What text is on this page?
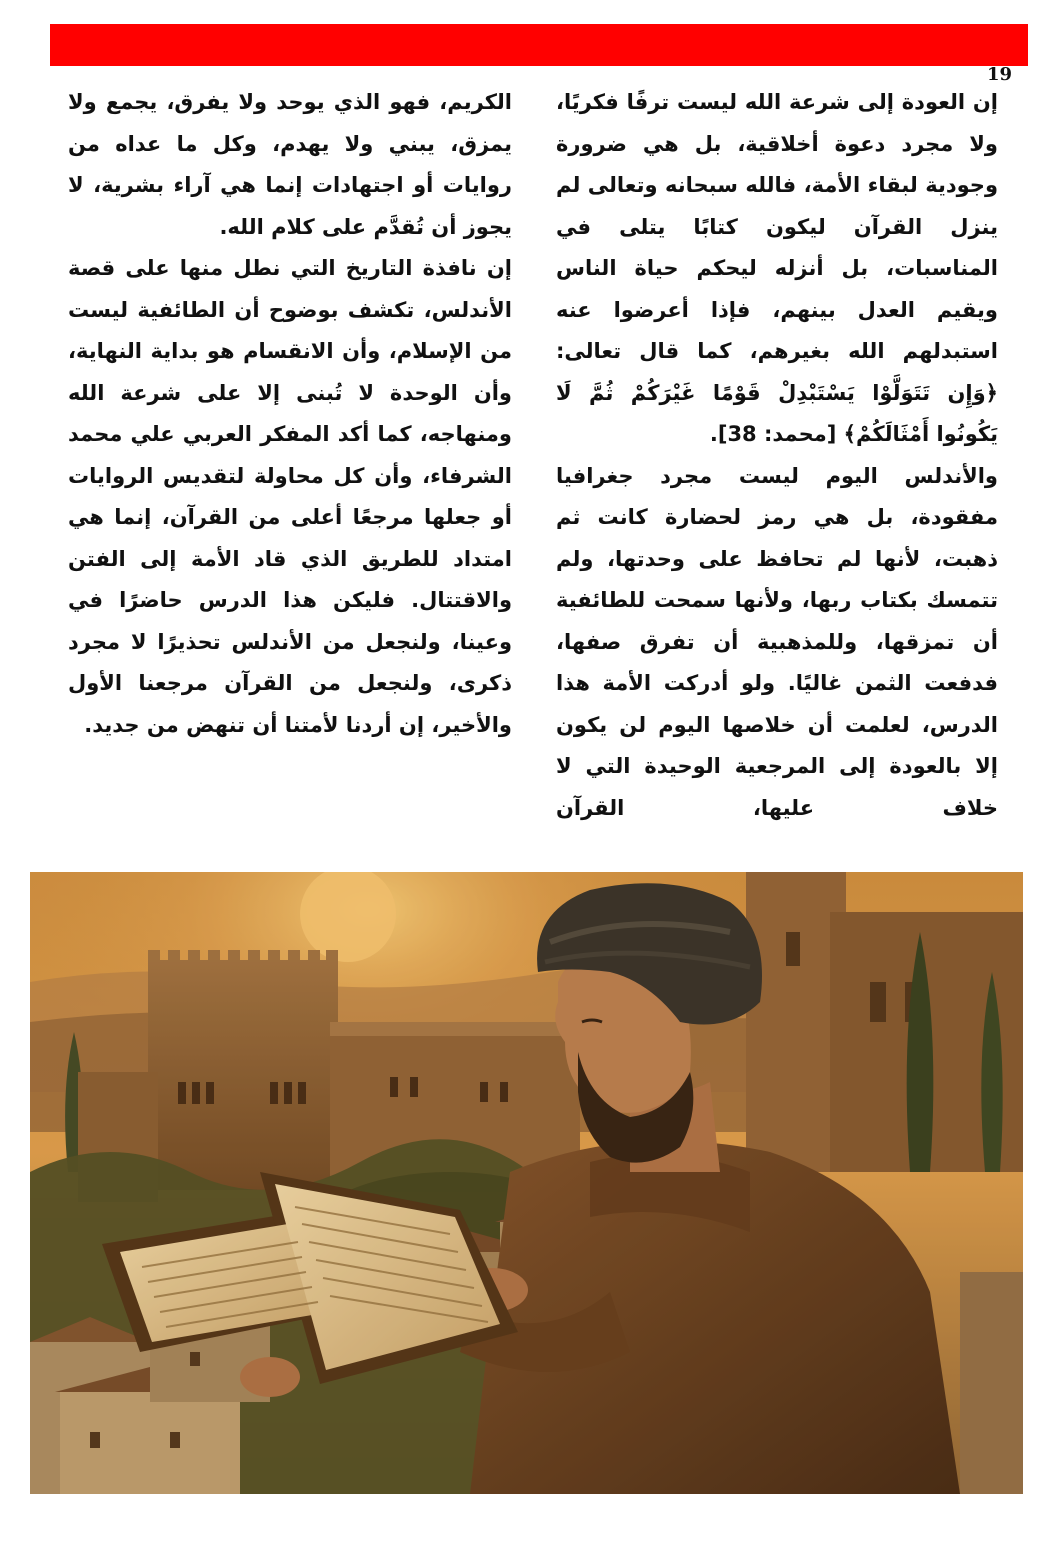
19

إن العودة إلى شرعة الله ليست ترفًا فكريًا، ولا مجرد دعوة أخلاقية، بل هي ضرورة وجودية لبقاء الأمة، فالله سبحانه وتعالى لم ينزل القرآن ليكون كتابًا يتلى في المناسبات، بل أنزله ليحكم حياة الناس ويقيم العدل بينهم، فإذا أعرضوا عنه استبدلهم الله بغيرهم، كما قال تعالى: ﴿وَإِن تَتَوَلَّوْا يَسْتَبْدِلْ قَوْمًا غَيْرَكُمْ ثُمَّ لَا يَكُونُوا أَمْثَالَكُمْ﴾ [محمد: 38].

والأندلس اليوم ليست مجرد جغرافيا مفقودة، بل هي رمز لحضارة كانت ثم ذهبت، لأنها لم تحافظ على وحدتها، ولم تتمسك بكتاب ربها، ولأنها سمحت للطائفية أن تمزقها، وللمذهبية أن تفرق صفها، فدفعت الثمن غاليًا. ولو أدركت الأمة هذا الدرس، لعلمت أن خلاصها اليوم لن يكون إلا بالعودة إلى المرجعية الوحيدة التي لا خلاف عليها، القرآن

الكريم، فهو الذي يوحد ولا يفرق، يجمع ولا يمزق، يبني ولا يهدم، وكل ما عداه من روايات أو اجتهادات إنما هي آراء بشرية، لا يجوز أن تُقدَّم على كلام الله.

إن نافذة التاريخ التي نطل منها على قصة الأندلس، تكشف بوضوح أن الطائفية ليست من الإسلام، وأن الانقسام هو بداية النهاية، وأن الوحدة لا تُبنى إلا على شرعة الله ومنهاجه، كما أكد المفكر العربي علي محمد الشرفاء، وأن كل محاولة لتقديس الروايات أو جعلها مرجعًا أعلى من القرآن، إنما هي امتداد للطريق الذي قاد الأمة إلى الفتن والاقتتال. فليكن هذا الدرس حاضرًا في وعينا، ولنجعل من الأندلس تحذيرًا لا مجرد ذكرى، ولنجعل من القرآن مرجعنا الأول والأخير، إن أردنا لأمتنا أن تنهض من جديد.
